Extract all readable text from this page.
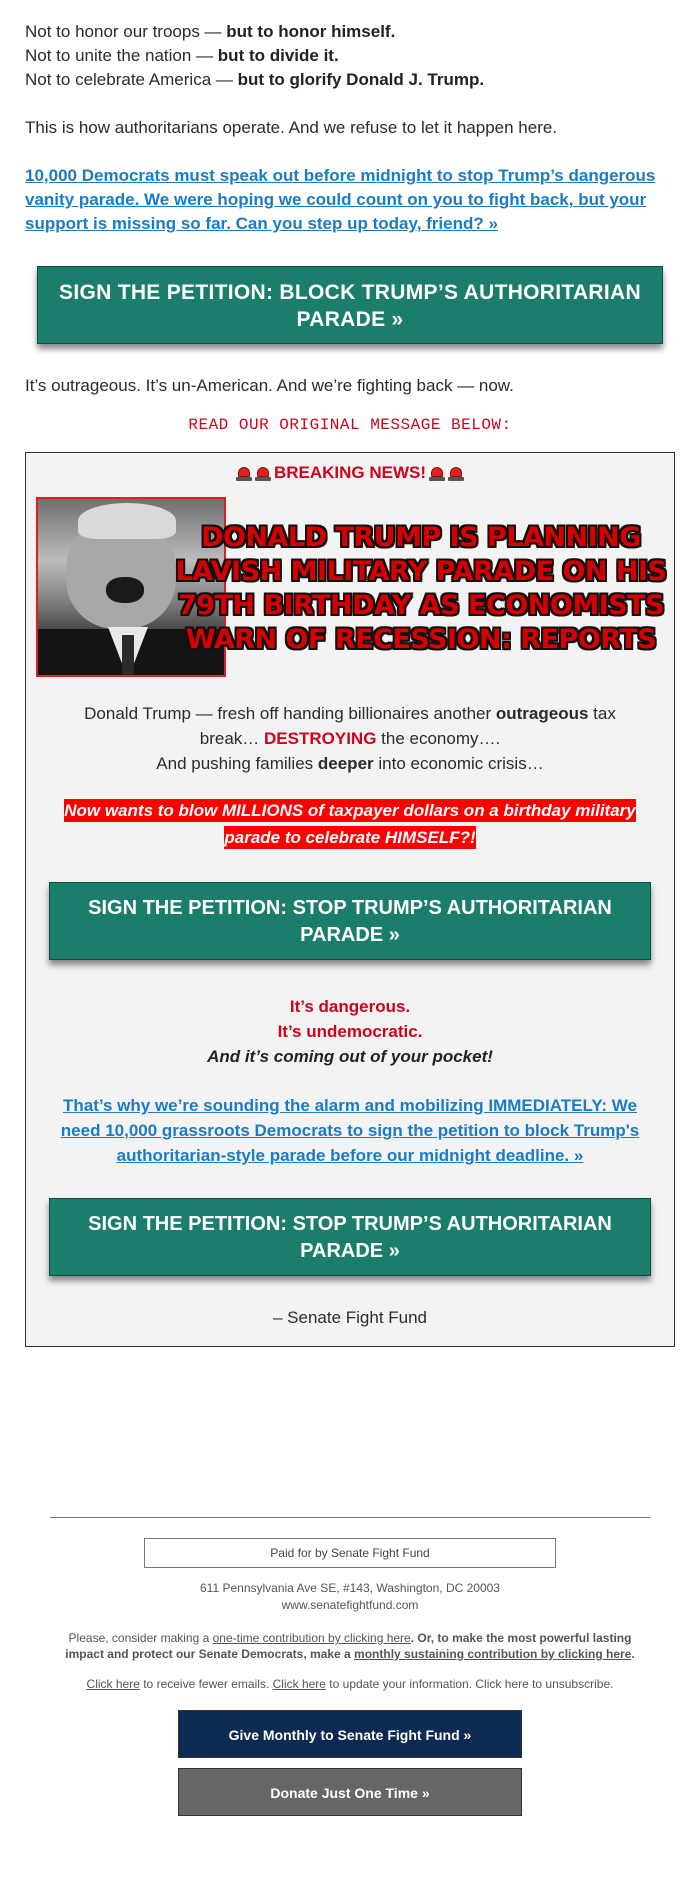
Not to honor our troops — but to honor himself.

Not to unite the nation — but to divide it.

Not to celebrate America — but to glorify Donald J. Trump.

This is how authoritarians operate. And we refuse to let it happen here.

10,000 Democrats must speak out before midnight to stop Trump’s dangerous vanity parade. We were hoping we could count on you to fight back, but your support is missing so far. Can you step up today, friend? »

SIGN THE PETITION: BLOCK TRUMP’S AUTHORITARIAN PARADE »

It’s outrageous. It’s un-American. And we’re fighting back — now.

READ OUR ORIGINAL MESSAGE BELOW:
BREAKING NEWS!
DONALD TRUMP IS PLANNING LAVISH MILITARY PARADE ON HIS 79TH BIRTHDAY AS ECONOMISTS WARN OF RECESSION: REPORTS
Donald Trump — fresh off handing billionaires another outrageous tax break… DESTROYING the economy….
And pushing families deeper into economic crisis…
Now wants to blow MILLIONS of taxpayer dollars on a birthday military parade to celebrate HIMSELF?!
SIGN THE PETITION: STOP TRUMP’S AUTHORITARIAN PARADE »
It’s dangerous.
It’s undemocratic.
And it’s coming out of your pocket!
That’s why we’re sounding the alarm and mobilizing IMMEDIATELY: We need 10,000 grassroots Democrats to sign the petition to block Trump's authoritarian-style parade before our midnight deadline. »
SIGN THE PETITION: STOP TRUMP’S AUTHORITARIAN PARADE »
– Senate Fight Fund
Paid for by Senate Fight Fund
611 Pennsylvania Ave SE, #143, Washington, DC 20003
www.senatefightfund.com
Please, consider making a one-time contribution by clicking here. Or, to make the most powerful lasting impact and protect our Senate Democrats, make a monthly sustaining contribution by clicking here.
Click here to receive fewer emails. Click here to update your information. Click here to unsubscribe.
Give Monthly to Senate Fight Fund »
Donate Just One Time »
